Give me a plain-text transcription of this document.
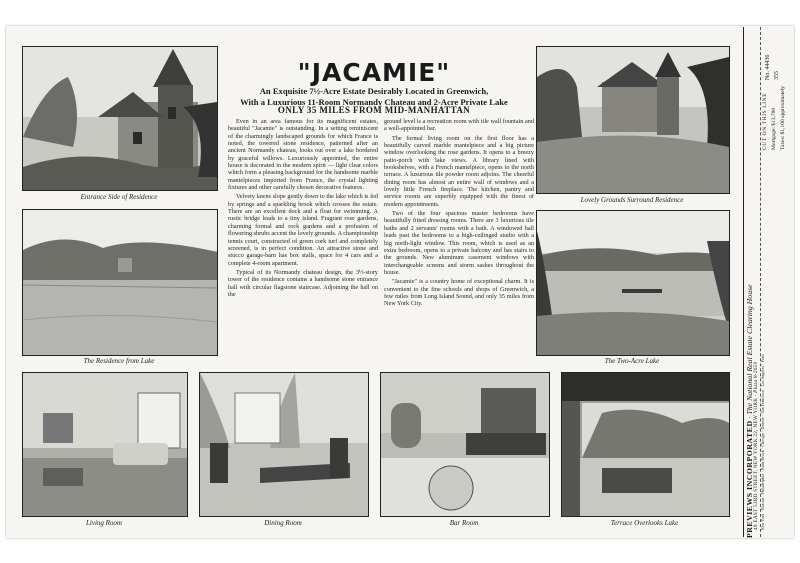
Entrance Side of Residence
The Residence from Lake
"JACAMIE"
An Exquisite 7½-Acre Estate Desirably Located in Greenwich,
With a Luxurious 11-Room Normandy Chateau and 2-Acre Private Lake
ONLY 35 MILES FROM MID-MANHATTAN

Even in an area famous for its magnificent estates, beautiful "Jacamie" is outstanding. In a setting reminiscent of the charmingly landscaped grounds for which France is noted, the towered stone residence, patterned after an ancient Normandy chateau, looks out over a lake bordered by graceful willows. Luxuriously appointed, the entire house is decorated in the modern spirit — light clear colors which form a pleasing background for the handsome marble mantelpieces imported from France, the crystal lighting fixtures and other carefully chosen decorative features.

Velvety lawns slope gently down to the lake which is fed by springs and a sparkling brook which crosses the estate. There are an excellent dock and a float for swimming. A rustic bridge leads to a tiny island. Fragrant rose gardens, charming formal and rock gardens and a profusion of flowering shrubs accent the lovely grounds. A championship tennis court, constructed of green cork turf and completely screened, is in perfect condition. An attractive stone and stucco garage-barn has box stalls, space for 4 cars and a complete 4-room apartment.

Typical of its Normandy chateau design, the 3½-story tower of the residence contains a handsome stone entrance hall with circular flagstone staircase. Adjoining the hall on the

ground level is a recreation room with tile wall fountain and a well-appointed bar.

The formal living room on the first floor has a beautifully carved marble mantelpiece and a big picture window overlooking the rose gardens. It opens to a breezy patio-porch with lake views. A library lined with bookshelves, with a French mantelpiece, opens to the north terrace. A luxurious tile powder room adjoins. The cheerful dining room has almost an entire wall of windows and a lovely little French fireplace. The kitchen, pantry and service rooms are superbly equipped with the finest of modern appointments.

Two of the four spacious master bedrooms have beautifully fitted dressing rooms. There are 3 luxurious tile baths and 2 servants' rooms with a bath. A windowed hall leads past the bedrooms to a high-ceilinged studio with a big north-light window. This room, which is used as an extra bedroom, opens to a private balcony and has stairs to the grounds. New aluminum casement windows with interchangeable screens and storm sashes throughout the house.

"Jacamie" is a country home of exceptional charm. It is convenient to the fine schools and shops of Greenwich, a few miles from Long Island Sound, and only 35 miles from New York City.

Lovely Grounds Surround Residence
The Two-Acre Lake
Living Room	Dining Room	Bar Room	Terrace Overlooks Lake	PREVIEWS INCORPORATED · The National Real Estate Clearing House
49 EAST 53RD STREET, NEW YORK 22, NEW YORK · Plaza 8-2650 New York · Boston · Philadelphia · Palm Beach · Chicago · Denver · San Francisco · Los Angeles · Paris
CUT ON THIS LINE Mortgage: $13,700 Taxes: $1,100 approximately
No. 44436 355
